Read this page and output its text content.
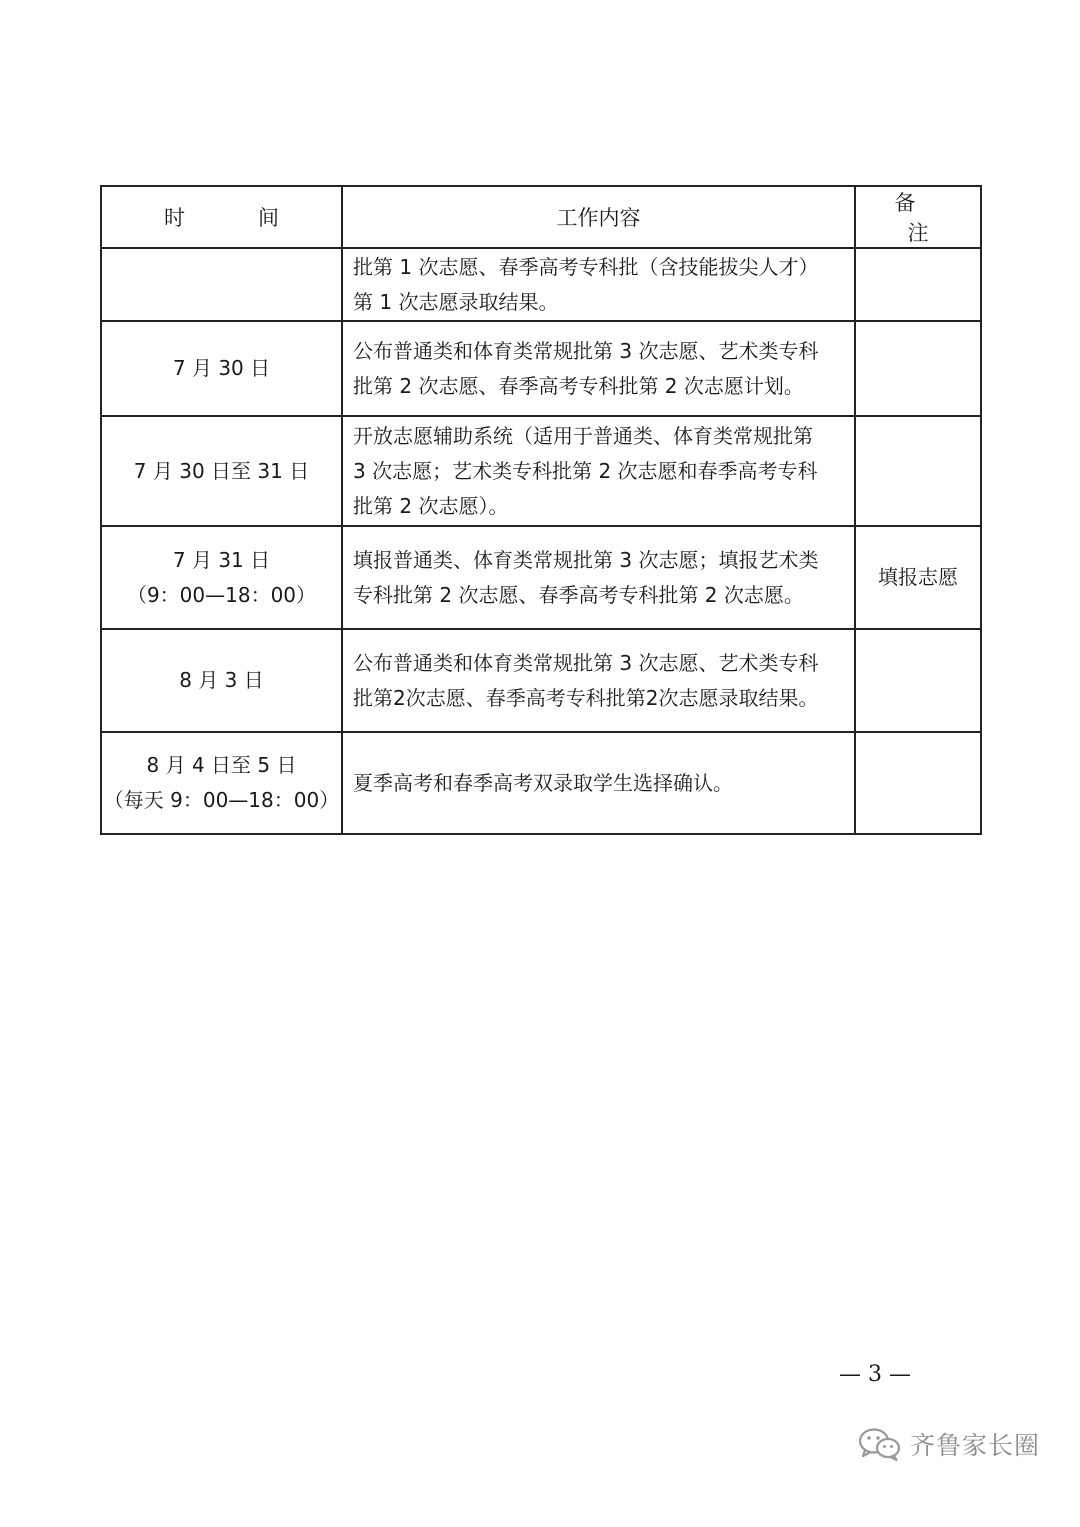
时　间	工作内容	备　注

	批第 1 次志愿、春季高考专科批（含技能拔尖人才）
第 1 次志愿录取结果。	

7 月 30 日	公布普通类和体育类常规批第 3 次志愿、艺术类专科
批第 2 次志愿、春季高考专科批第 2 次志愿计划。	

7 月 30 日至 31 日	开放志愿辅助系统（适用于普通类、体育类常规批第
3 次志愿；艺术类专科批第 2 次志愿和春季高考专科
批第 2 次志愿）。	

7 月 31 日
（9：00—18：00）	填报普通类、体育类常规批第 3 次志愿；填报艺术类
专科批第 2 次志愿、春季高考专科批第 2 次志愿。	填报志愿

8 月 3 日	公布普通类和体育类常规批第 3 次志愿、艺术类专科
批第2次志愿、春季高考专科批第2次志愿录取结果。	

8 月 4 日至 5 日
（每天 9：00—18：00）	夏季高考和春季高考双录取学生选择确认。	

— 3 —
齐鲁家长圈
